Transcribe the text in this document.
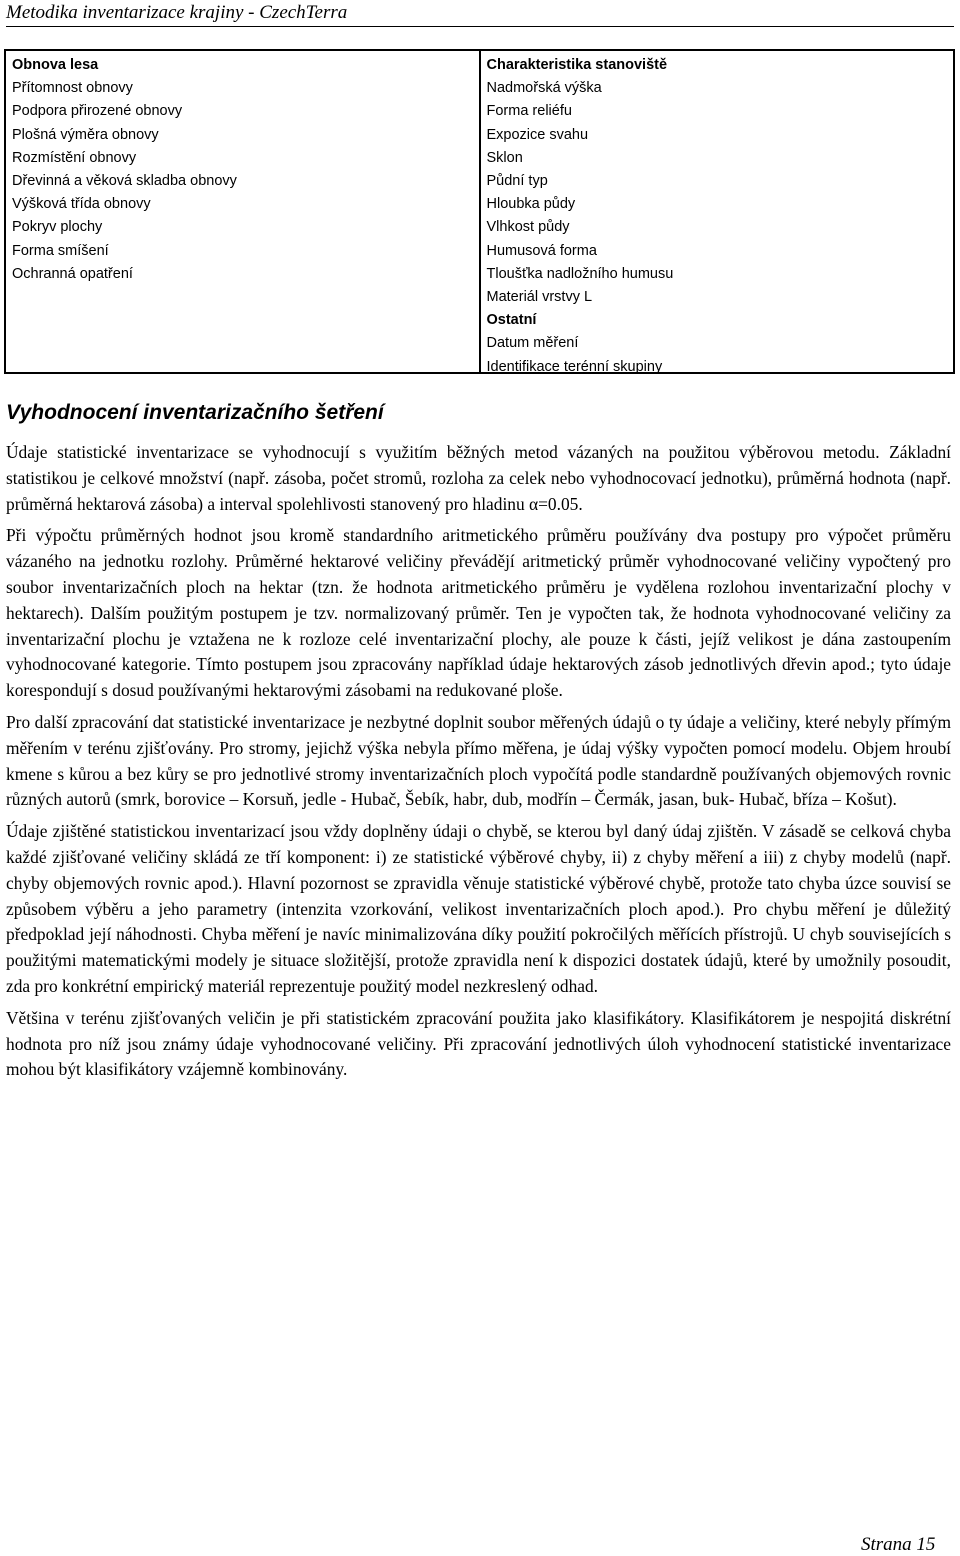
Metodika inventarizace krajiny - CzechTerra
Obnova lesa
Přítomnost obnovy
Podpora přirozené obnovy
Plošná výměra obnovy
Rozmístění obnovy
Dřevinná a věková skladba obnovy
Výšková třída obnovy
Pokryv plochy
Forma smíšení
Ochranná opatření
Charakteristika stanoviště
Nadmořská výška
Forma reliéfu
Expozice svahu
Sklon
Půdní typ
Hloubka půdy
Vlhkost půdy
Humusová forma
Tloušťka nadložního humusu
Materiál vrstvy L
Ostatní
Datum měření
Identifikace terénní skupiny
Vyhodnocení inventarizačního šetření

Údaje statistické inventarizace se vyhodnocují s využitím běžných metod vázaných na použitou výběrovou metodu. Základní statistikou je celkové množství (např. zásoba, počet stromů, rozloha za celek nebo vyhodnocovací jednotku), průměrná hodnota (např. průměrná hektarová zásoba) a interval spolehlivosti stanovený pro hladinu α=0.05.

Při výpočtu průměrných hodnot jsou kromě standardního aritmetického průměru používány dva postupy pro výpočet průměru vázaného na jednotku rozlohy. Průměrné hektarové veličiny převádějí aritmetický průměr vyhodnocované veličiny vypočtený pro soubor inventarizačních ploch na hektar (tzn. že hodnota aritmetického průměru je vydělena rozlohou inventarizační plochy v hektarech). Dalším použitým postupem je tzv. normalizovaný průměr. Ten je vypočten tak, že hodnota vyhodnocované veličiny za inventarizační plochu je vztažena ne k rozloze celé inventarizační plochy, ale pouze k části, jejíž velikost je dána zastoupením vyhodnocované kategorie. Tímto postupem jsou zpracovány například údaje hektarových zásob jednotlivých dřevin apod.; tyto údaje korespondují s dosud používanými hektarovými zásobami na redukované ploše.

Pro další zpracování dat statistické inventarizace je nezbytné doplnit soubor měřených údajů o ty údaje a veličiny, které nebyly přímým měřením v terénu zjišťovány. Pro stromy, jejichž výška nebyla přímo měřena, je údaj výšky vypočten pomocí modelu. Objem hroubí kmene s kůrou a bez kůry se pro jednotlivé stromy inventarizačních ploch vypočítá podle standardně používaných objemových rovnic různých autorů (smrk, borovice – Korsuň, jedle - Hubač, Šebík, habr, dub, modřín – Čermák, jasan, buk- Hubač, bříza – Košut).

Údaje zjištěné statistickou inventarizací jsou vždy doplněny údaji o chybě, se kterou byl daný údaj zjištěn. V zásadě se celková chyba každé zjišťované veličiny skládá ze tří komponent: i) ze statistické výběrové chyby, ii) z chyby měření a iii) z chyby modelů (např. chyby objemových rovnic apod.). Hlavní pozornost se zpravidla věnuje statistické výběrové chybě, protože tato chyba úzce souvisí se způsobem výběru a jeho parametry (intenzita vzorkování, velikost inventarizačních ploch apod.). Pro chybu měření je důležitý předpoklad její náhodnosti. Chyba měření je navíc minimalizována díky použití pokročilých měřících přístrojů. U chyb souvisejících s použitými matematickými modely je situace složitější, protože zpravidla není k dispozici dostatek údajů, které by umožnily posoudit, zda pro konkrétní empirický materiál reprezentuje použitý model nezkreslený odhad.

Většina v terénu zjišťovaných veličin je při statistickém zpracování použita jako klasifikátory. Klasifikátorem je nespojitá diskrétní hodnota pro níž jsou známy údaje vyhodnocované veličiny. Při zpracování jednotlivých úloh vyhodnocení statistické inventarizace mohou být klasifikátory vzájemně kombinovány.

Strana 15
